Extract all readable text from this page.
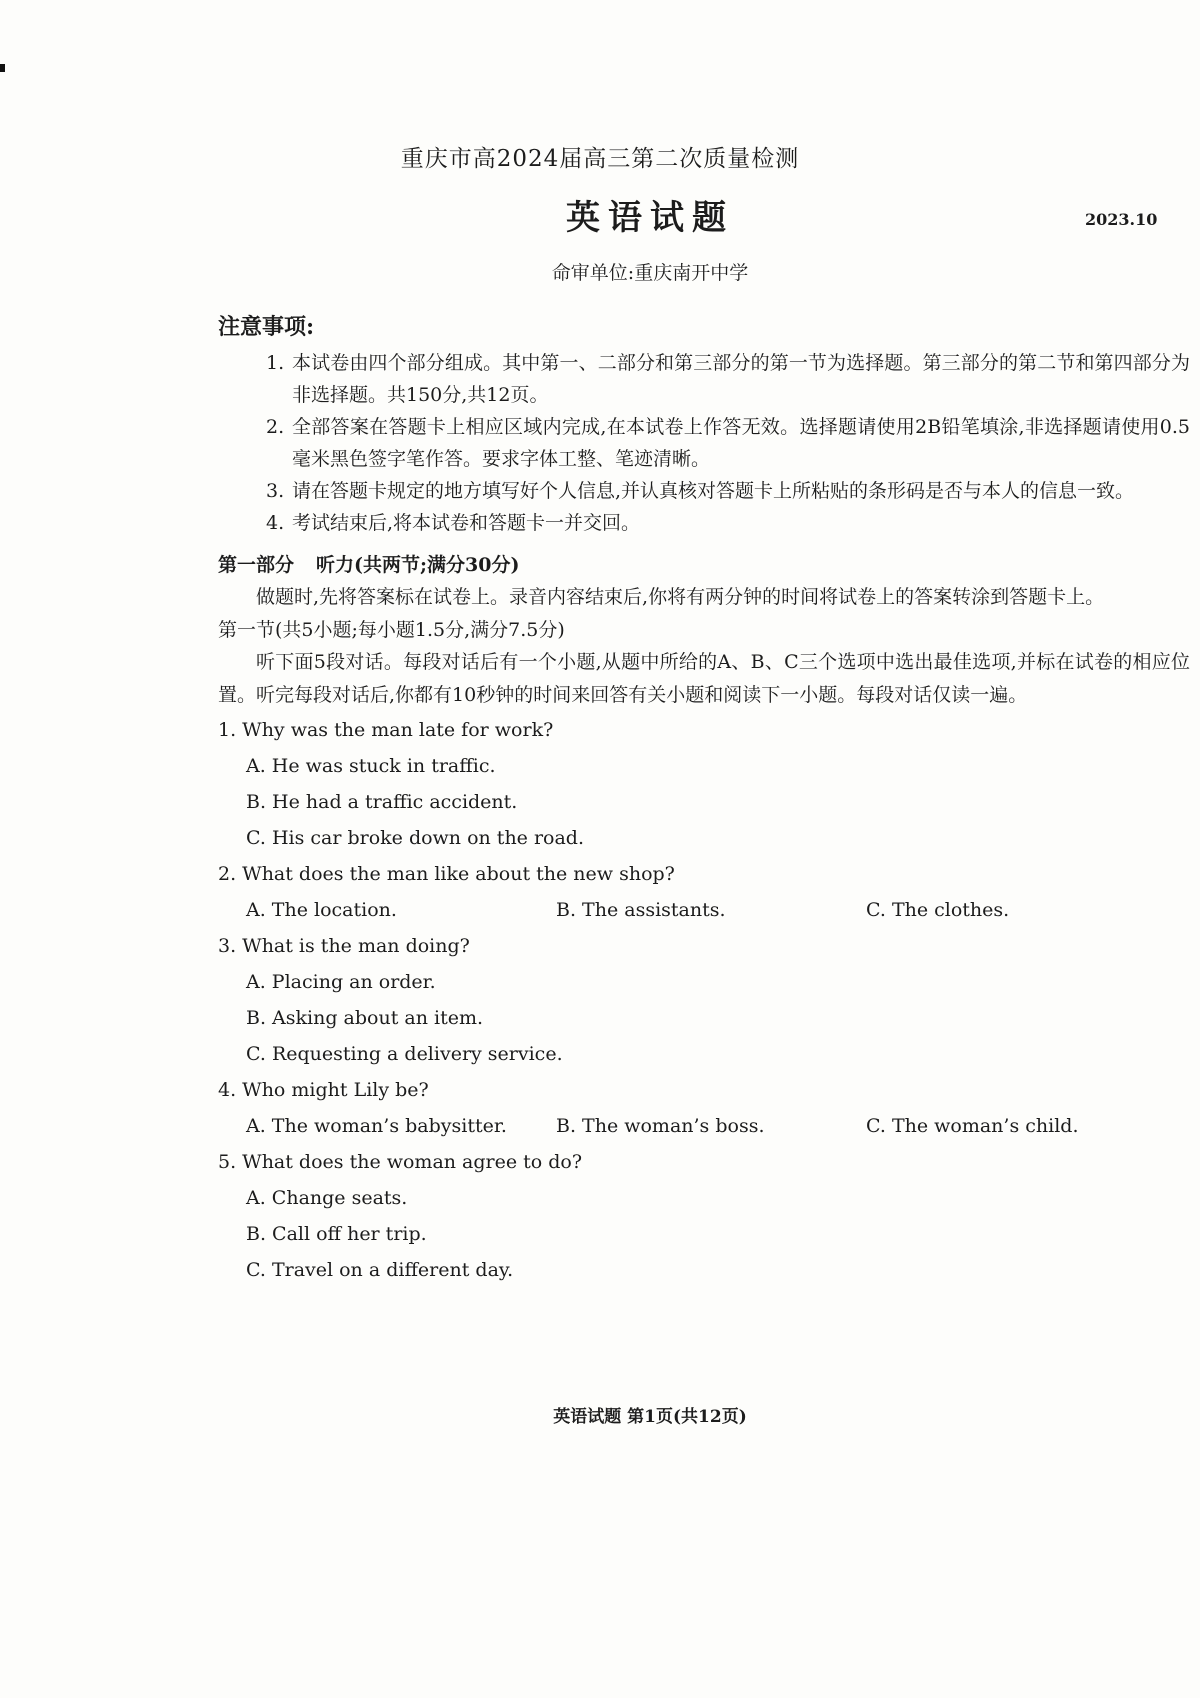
重庆市高2024届高三第二次质量检测
英语试题	2023.10
命审单位:重庆南开中学
注意事项:
1. 本试卷由四个部分组成。其中第一、二部分和第三部分的第一节为选择题。第三部分的第二节和第四部分为非选择题。共150分,共12页。
2. 全部答案在答题卡上相应区域内完成,在本试卷上作答无效。选择题请使用2B铅笔填涂,非选择题请使用0.5毫米黑色签字笔作答。要求字体工整、笔迹清晰。
3. 请在答题卡规定的地方填写好个人信息,并认真核对答题卡上所粘贴的条形码是否与本人的信息一致。
4. 考试结束后,将本试卷和答题卡一并交回。
第一部分 听力(共两节;满分30分)
做题时,先将答案标在试卷上。录音内容结束后,你将有两分钟的时间将试卷上的答案转涂到答题卡上。
第一节(共5小题;每小题1.5分,满分7.5分)
听下面5段对话。每段对话后有一个小题,从题中所给的A、B、C三个选项中选出最佳选项,并标在试卷的相应位置。听完每段对话后,你都有10秒钟的时间来回答有关小题和阅读下一小题。每段对话仅读一遍。
1. Why was the man late for work?
A. He was stuck in traffic.
B. He had a traffic accident.
C. His car broke down on the road.
2. What does the man like about the new shop?
A. The location.	B. The assistants.	C. The clothes.
3. What is the man doing?
A. Placing an order.
B. Asking about an item.
C. Requesting a delivery service.
4. Who might Lily be?
A. The woman’s babysitter.	B. The woman’s boss.	C. The woman’s child.
5. What does the woman agree to do?
A. Change seats.
B. Call off her trip.
C. Travel on a different day.
英语试题 第1页(共12页)
